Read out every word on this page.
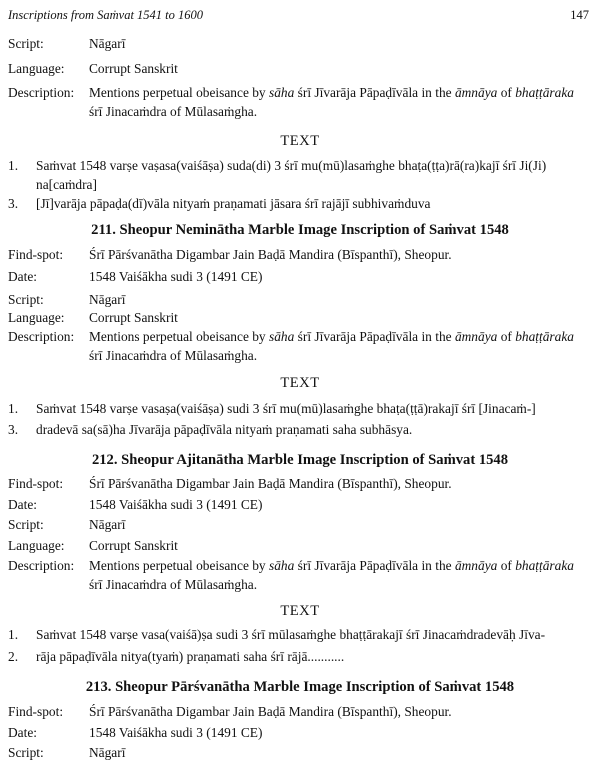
Inscriptions from Saṁvat 1541 to 1600	147
Script:	Nāgarī
Language: Corrupt Sanskrit
Description: Mentions perpetual obeisance by sāha śrī Jīvarāja Pāpaḍīvāla in the āmnāya of bhaṭṭāraka
śrī Jinacaṁdra of Mūlasaṁgha.
TEXT
1. Saṁvat 1548 varṣe vaṣasa(vaiśāṣa) suda(di) 3 śrī mu(mū)lasaṁghe bhaṭa(ṭṭa)rā(ra)kajī śrī Ji(Ji)
na[caṁdra]
3. [Jī]varāja pāpaḍa(dī)vāla nityaṁ praṇamati jāsara śrī rajājī subhivaṁduva
211. Sheopur Neminātha Marble Image Inscription of Saṁvat 1548
Find-spot: Śrī Pārśvanātha Digambar Jain Baḍā Mandira (Bīspanthī), Sheopur.
Date:	1548 Vaiśākha sudi 3 (1491 CE)
Script:	Nāgarī
Language: Corrupt Sanskrit
Description: Mentions perpetual obeisance by sāha śrī Jīvarāja Pāpaḍīvāla in the āmnāya of bhaṭṭāraka
śrī Jinacaṁdra of Mūlasaṁgha.
TEXT
1. Saṁvat 1548 varṣe vasaṣa(vaiśāṣa) sudi 3 śrī mu(mū)lasaṁghe bhaṭa(ṭṭā)rakajī śrī [Jinacaṁ-]
3. dradevā sa(sā)ha Jīvarāja pāpaḍīvāla nityaṁ praṇamati saha subhāsya.
212. Sheopur Ajitanātha Marble Image Inscription of Saṁvat 1548
Find-spot: Śrī Pārśvanātha Digambar Jain Baḍā Mandira (Bīspanthī), Sheopur.
Date:	1548 Vaiśākha sudi 3 (1491 CE)
Script:	Nāgarī
Language: Corrupt Sanskrit
Description: Mentions perpetual obeisance by sāha śrī Jīvarāja Pāpaḍīvāla in the āmnāya of bhaṭṭāraka
śrī Jinacaṁdra of Mūlasaṁgha.
TEXT
1. Saṁvat 1548 varṣe vasa(vaiśā)ṣa sudi 3 śrī mūlasaṁghe bhaṭṭārakajī śrī Jinacaṁdradevāḥ Jīva-
2. rāja pāpaḍīvāla nitya(tyaṁ) praṇamati saha śrī rājā...........
213. Sheopur Pārśvanātha Marble Image Inscription of Saṁvat 1548
Find-spot: Śrī Pārśvanātha Digambar Jain Baḍā Mandira (Bīspanthī), Sheopur.
Date:	1548 Vaiśākha sudi 3 (1491 CE)
Script:	Nāgarī
